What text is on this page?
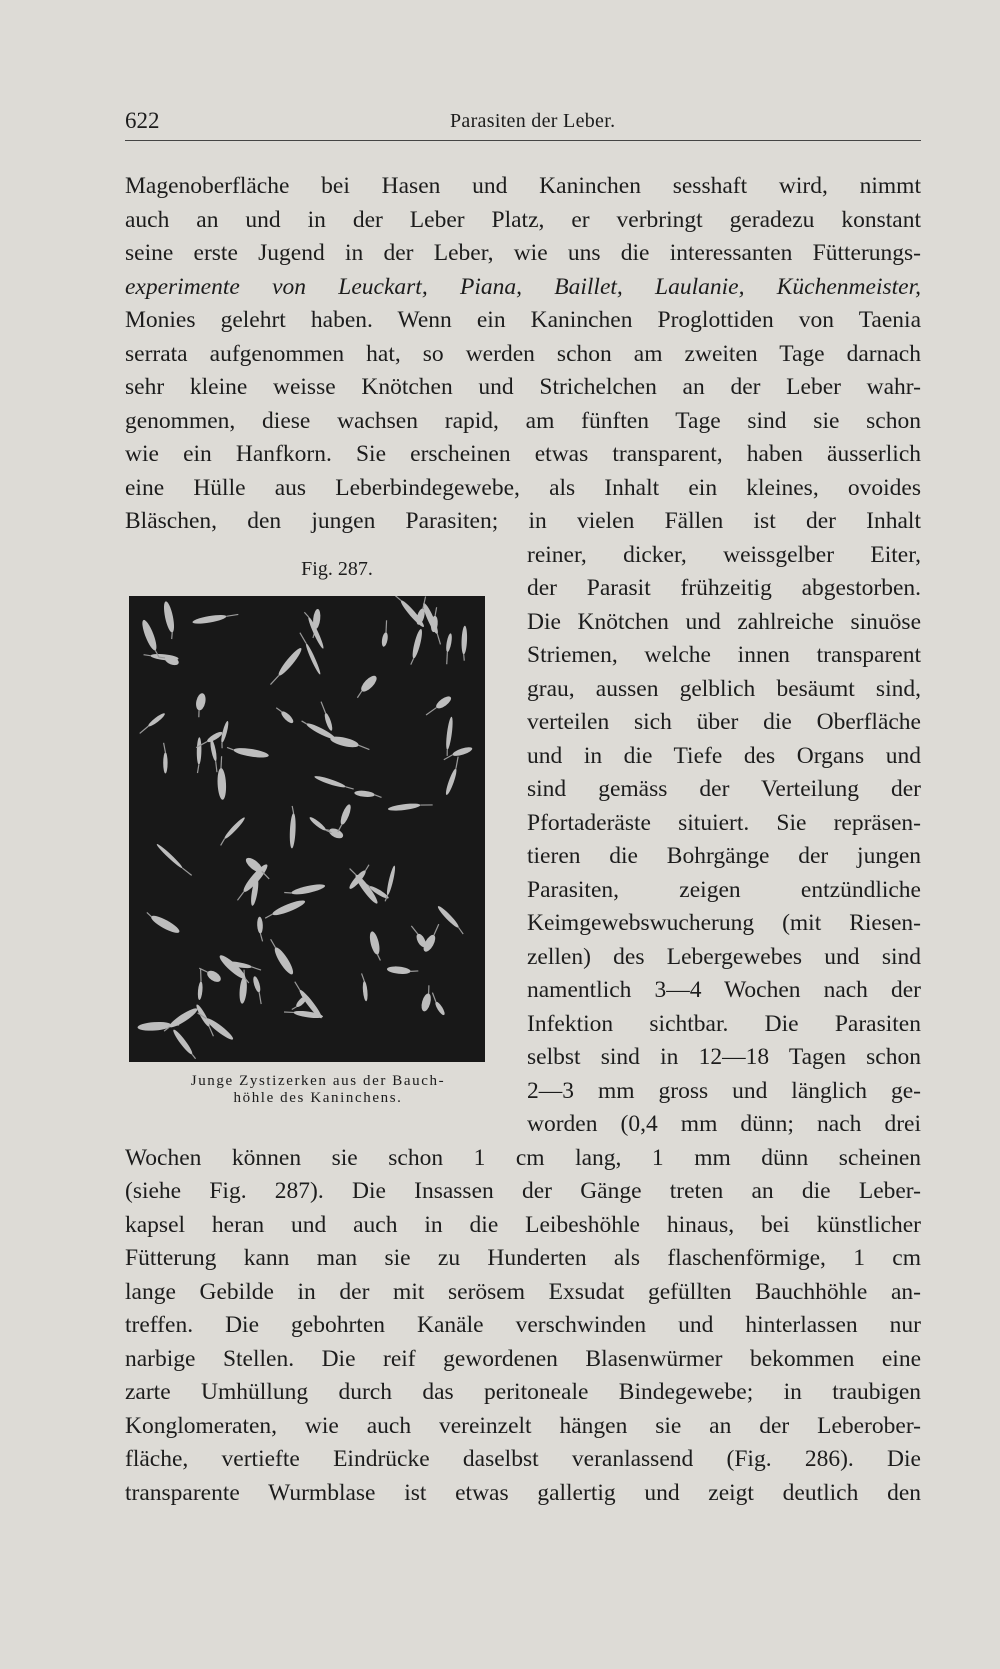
622	Parasiten der Leber.
Magenoberfläche bei Hasen und Kaninchen sesshaft wird, nimmt
auch an und in der Leber Platz, er verbringt geradezu konstant
seine erste Jugend in der Leber, wie uns die interessanten Fütterungs-
experimente von Leuckart, Piana, Baillet, Laulanie, Küchenmeister,
Monies gelehrt haben. Wenn ein Kaninchen Proglottiden von Taenia
serrata aufgenommen hat, so werden schon am zweiten Tage darnach
sehr kleine weisse Knötchen und Strichelchen an der Leber wahr-
genommen, diese wachsen rapid, am fünften Tage sind sie schon
wie ein Hanfkorn. Sie erscheinen etwas transparent, haben äusserlich
eine Hülle aus Leberbindegewebe, als Inhalt ein kleines, ovoides
Bläschen, den jungen Parasiten; in vielen Fällen ist der Inhalt
reiner, dicker, weissgelber Eiter,
der Parasit frühzeitig abgestorben.
Die Knötchen und zahlreiche sinuöse
Striemen, welche innen transparent
grau, aussen gelblich besäumt sind,
verteilen sich über die Oberfläche
und in die Tiefe des Organs und
sind gemäss der Verteilung der
Pfortaderäste situiert. Sie repräsen-
tieren die Bohrgänge der jungen
Parasiten, zeigen entzündliche
Keimgewebswucherung (mit Riesen-
zellen) des Lebergewebes und sind
namentlich 3—4 Wochen nach der
Infektion sichtbar. Die Parasiten
selbst sind in 12—18 Tagen schon
2—3 mm gross und länglich ge-
worden (0,4 mm dünn; nach drei
Wochen können sie schon 1 cm lang, 1 mm dünn scheinen
(siehe Fig. 287). Die Insassen der Gänge treten an die Leber-
kapsel heran und auch in die Leibeshöhle hinaus, bei künstlicher
Fütterung kann man sie zu Hunderten als flaschenförmige, 1 cm
lange Gebilde in der mit serösem Exsudat gefüllten Bauchhöhle an-
treffen. Die gebohrten Kanäle verschwinden und hinterlassen nur
narbige Stellen. Die reif gewordenen Blasenwürmer bekommen eine
zarte Umhüllung durch das peritoneale Bindegewebe; in traubigen
Konglomeraten, wie auch vereinzelt hängen sie an der Leberober-
fläche, vertiefte Eindrücke daselbst veranlassend (Fig. 286). Die
transparente Wurmblase ist etwas gallertig und zeigt deutlich den
Fig. 287.
Junge Zystizerken aus der Bauch-
höhle des Kaninchens.
